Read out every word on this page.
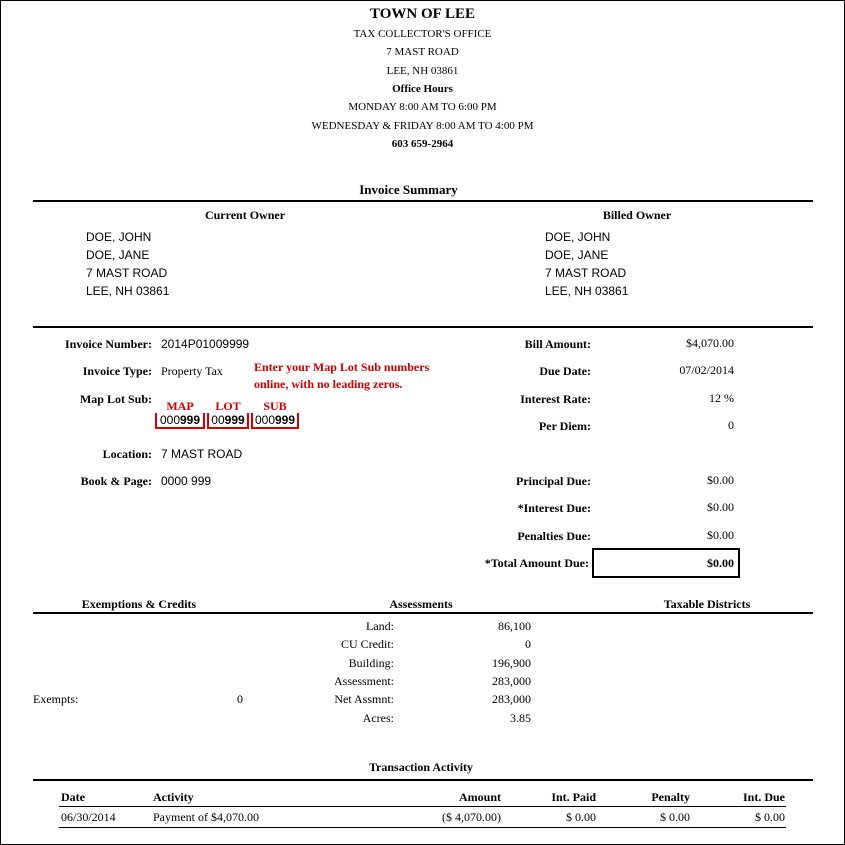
TOWN OF LEE
TAX COLLECTOR'S OFFICE
7 MAST ROAD
LEE, NH 03861
Office Hours
MONDAY 8:00 AM TO 6:00 PM
WEDNESDAY & FRIDAY 8:00 AM TO 4:00 PM
603 659-2964
Invoice Summary
Current Owner	Billed Owner
DOE, JOHN
DOE, JANE
7 MAST ROAD
LEE, NH 03861
DOE, JOHN
DOE, JANE
7 MAST ROAD
LEE, NH 03861
Invoice Number: 2014P01009999
Invoice Type: Property Tax
Map Lot Sub:
Enter your Map Lot Sub numbers
online, with no leading zeros.
MAP	LOT	SUB
000999 00999 000999
Location: 7 MAST ROAD
Book & Page: 0000 999
Bill Amount:	$4,070.00
Due Date:	07/02/2014
Interest Rate:	12 %
Per Diem:	0
Principal Due:	$0.00
*Interest Due:	$0.00
Penalties Due:	$0.00
*Total Amount Due:	$0.00
Exemptions & Credits	Assessments	Taxable Districts
Land:	86,100
CU Credit:	0
Building:	196,900
Assessment:	283,000
Net Assmnt:	283,000
Acres:	3.85
Exempts:	0
Transaction Activity
Date	Activity	Amount	Int. Paid	Penalty	Int. Due
06/30/2014	Payment of $4,070.00	($ 4,070.00)	$ 0.00	$ 0.00	$ 0.00
